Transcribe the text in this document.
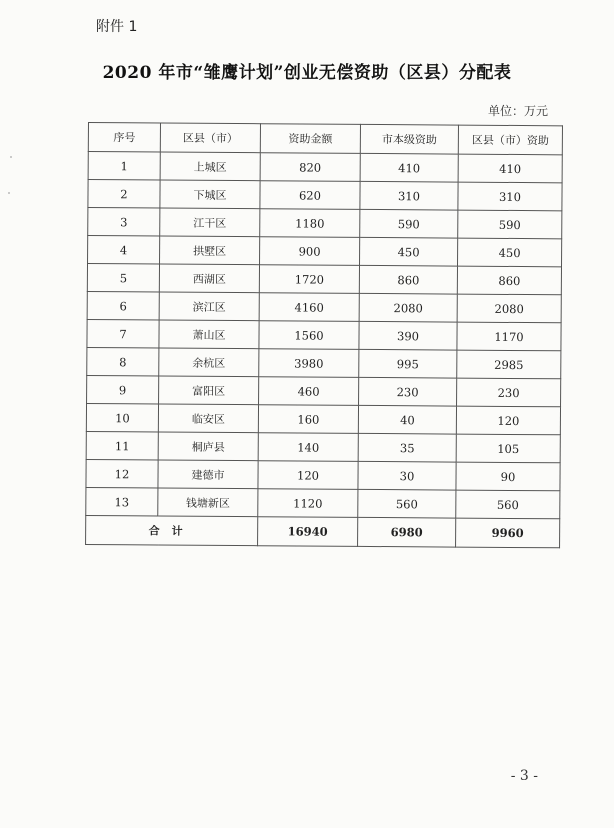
附件 1
2020 年市“雏鹰计划”创业无偿资助（区县）分配表
单位：万元
序号	区县（市）	资助金额	市本级资助	区县（市）资助
1	上城区	820	410	410
2	下城区	620	310	310
3	江干区	1180	590	590
4	拱墅区	900	450	450
5	西湖区	1720	860	860
6	滨江区	4160	2080	2080
7	萧山区	1560	390	1170
8	余杭区	3980	995	2985
9	富阳区	460	230	230
10	临安区	160	40	120
11	桐庐县	140	35	105
12	建德市	120	30	90
13	钱塘新区	1120	560	560
合计		16940	6980	9960
- 3 -
